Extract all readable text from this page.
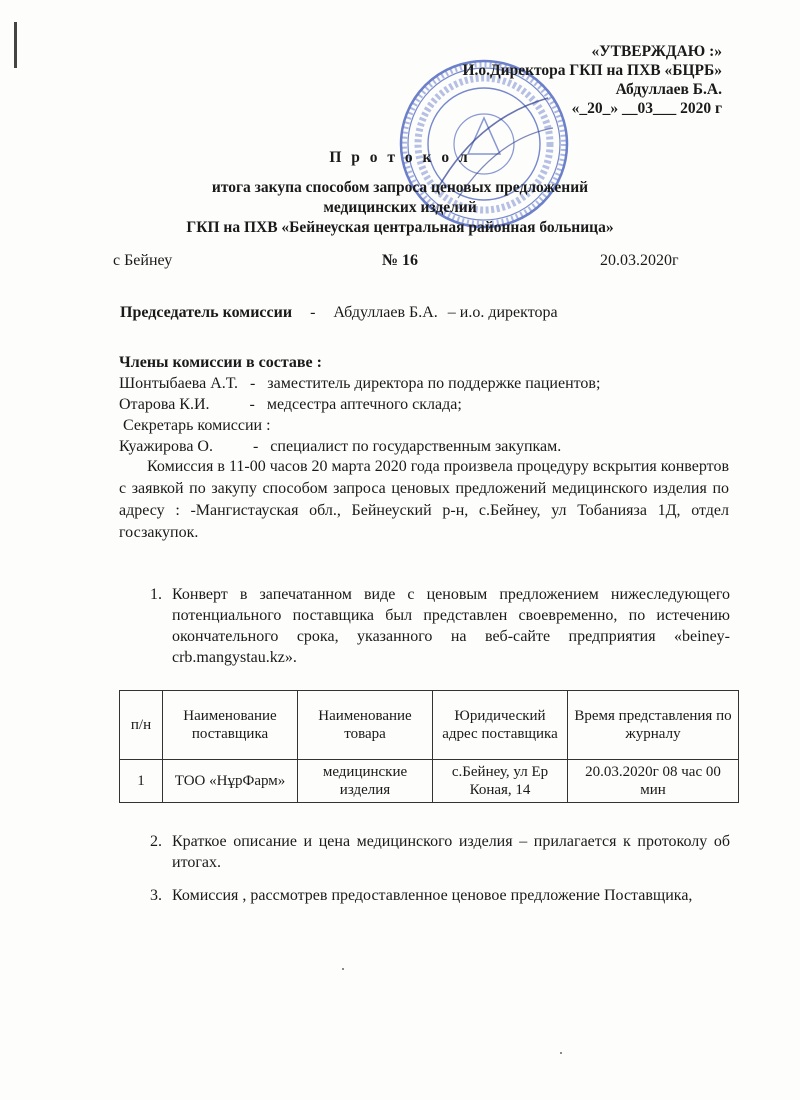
«УТВЕРЖДАЮ :»
И.о.Директора ГКП на ПХВ «БЦРБ»
Абдуллаев Б.А.
«_20_» __03___ 2020 г
П р о т о к о л
итога закупа способом запроса ценовых предложений
медицинских изделий
ГКП на ПХВ «Бейнеуская центральная районная больница»
с Бейнеу	№ 16	20.03.2020г
Председатель комиссии - Абдуллаев Б.А. – и.о. директора
Члены комиссии в составе :
Шонтыбаева А.Т.   -   заместитель директора по поддержке пациентов;
Отарова К.И.          -   медсестра аптечного склада;
Секретарь комиссии :
Куажирова О.          -   специалист по государственным закупкам.
Комиссия в 11-00 часов 20 марта 2020 года произвела процедуру вскрытия конвертов с заявкой по закупу способом запроса ценовых предложений медицинского изделия по адресу : -Мангистауская обл., Бейнеуский р-н, с.Бейнеу, ул Тобанияза 1Д, отдел госзакупок.
1. Конверт в запечатанном виде с ценовым предложением нижеследующего потенциального поставщика был представлен своевременно, по истечению окончательного срока, указанного на веб-сайте предприятия «beiney-crb.mangystau.kz».
п/н	Наименование поставщика	Наименование товара	Юридический адрес поставщика	Время представления по журналу
1	ТОО «НұрФарм»	медицинские изделия	с.Бейнеу, ул Ер Коная, 14	20.03.2020г 08 час 00 мин
2. Краткое описание и цена медицинского изделия – прилагается к протоколу об итогах.
3. Комиссия , рассмотрев предоставленное ценовое предложение Поставщика,
